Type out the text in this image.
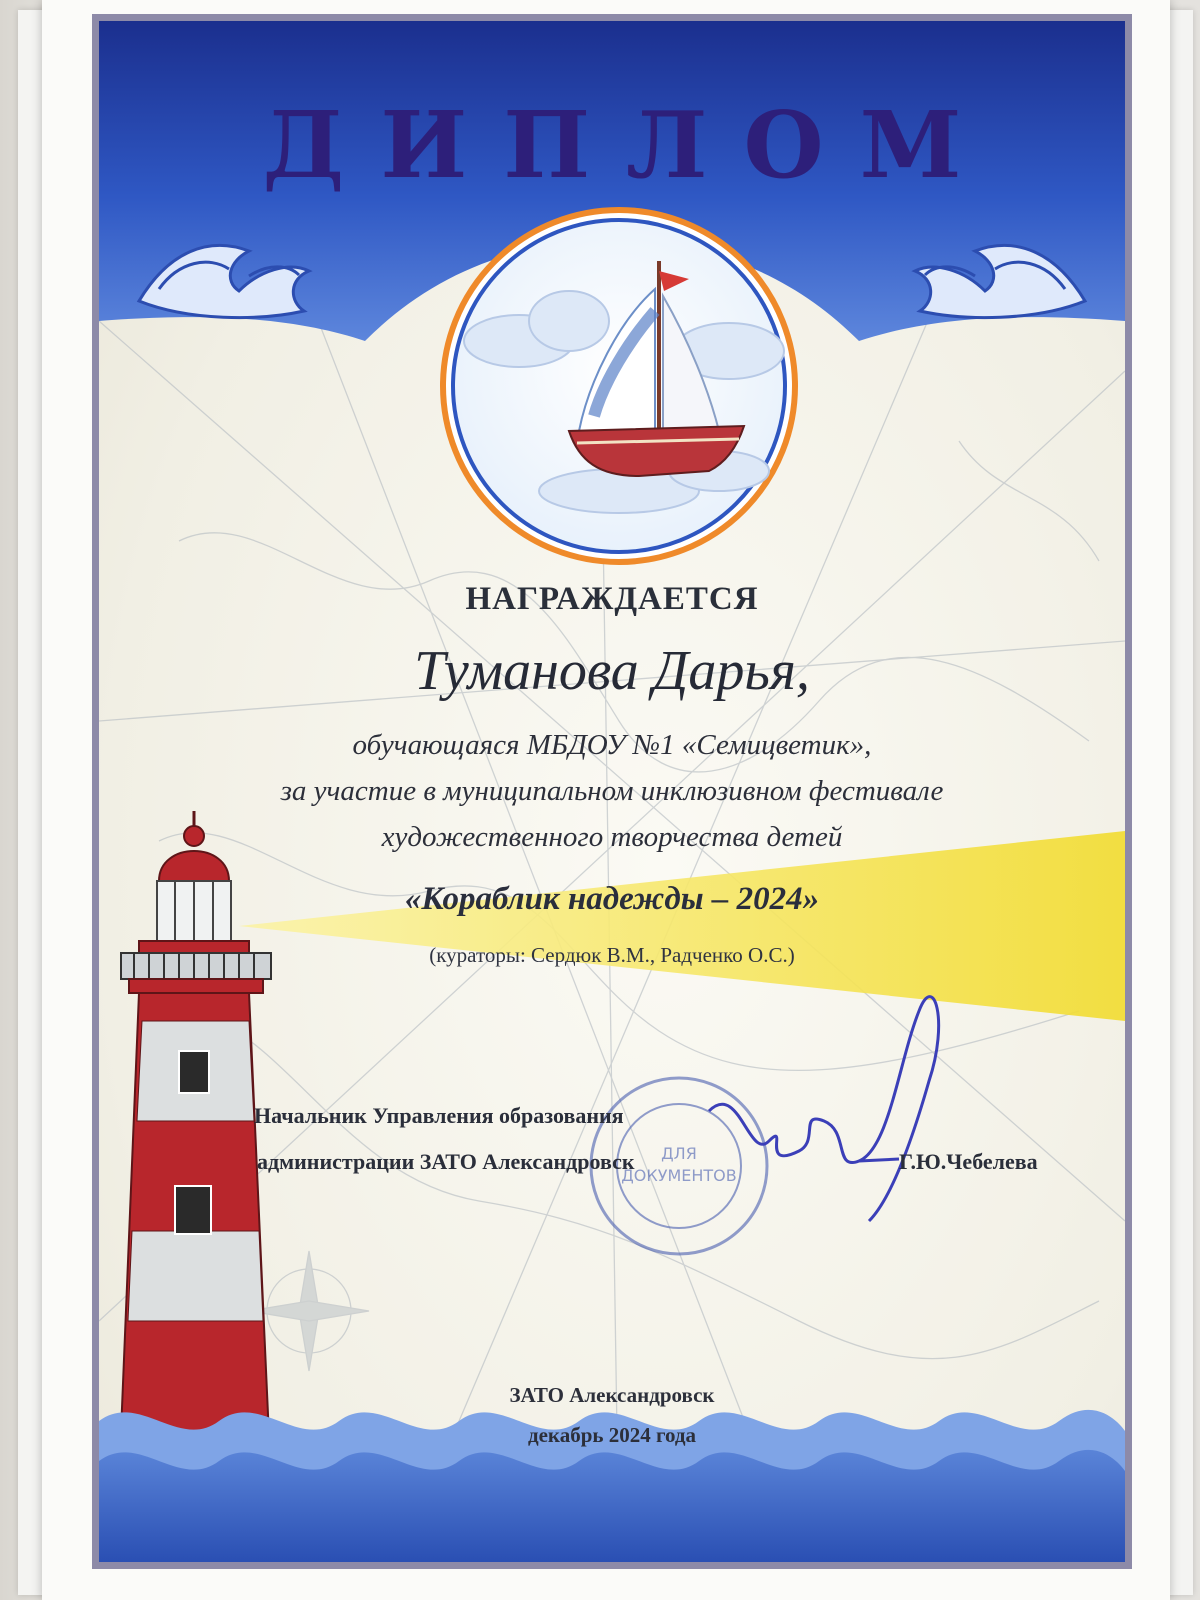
ДЛЯ
ДОКУМЕНТОВ
ДИПЛОМ
НАГРАЖДАЕТСЯ
Туманова Дарья,
обучающаяся МБДОУ №1 «Семицветик»,
за участие в муниципальном инклюзивном фестивале
художественного творчества детей
«Кораблик надежды – 2024»
(кураторы: Сердюк В.М., Радченко О.С.)
Начальник Управления образования
администрации ЗАТО Александровск	Г.Ю.Чебелева
ЗАТО Александровск
декабрь 2024 года
